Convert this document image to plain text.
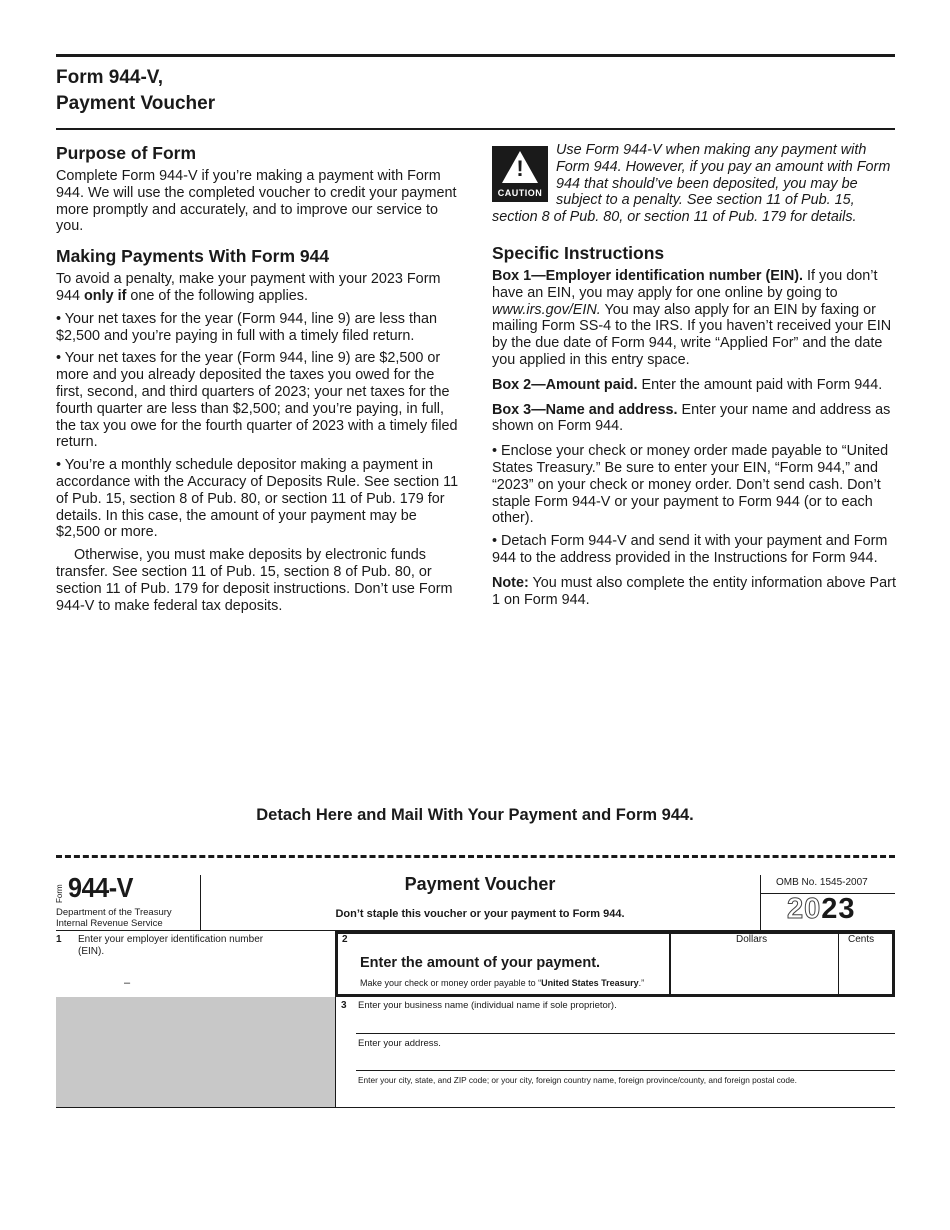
Form 944-V,
Payment Voucher
Purpose of Form

Complete Form 944-V if you’re making a payment with Form 944. We will use the completed voucher to credit your payment more promptly and accurately, and to improve our service to you.

Making Payments With Form 944

To avoid a penalty, make your payment with your 2023 Form 944 only if one of the following applies.

• Your net taxes for the year (Form 944, line 9) are less than $2,500 and you’re paying in full with a timely filed return.

• Your net taxes for the year (Form 944, line 9) are $2,500 or more and you already deposited the taxes you owed for the first, second, and third quarters of 2023; your net taxes for the fourth quarter are less than $2,500; and you’re paying, in full, the tax you owe for the fourth quarter of 2023 with a timely filed return.

• You’re a monthly schedule depositor making a payment in accordance with the Accuracy of Deposits Rule. See section 11 of Pub. 15, section 8 of Pub. 80, or section 11 of Pub. 179 for details. In this case, the amount of your payment may be $2,500 or more.

Otherwise, you must make deposits by electronic funds transfer. See section 11 of Pub. 15, section 8 of Pub. 80, or section 11 of Pub. 179 for deposit instructions. Don’t use Form 944-V to make federal tax deposits.

!
CAUTION

Use Form 944-V when making any payment with Form 944. However, if you pay an amount with Form 944 that should’ve been deposited, you may be subject to a penalty. See section 11 of Pub. 15, section 8 of Pub. 80, or section 11 of Pub. 179 for details.

Specific Instructions

Box 1—Employer identification number (EIN). If you don’t have an EIN, you may apply for one online by going to www.irs.gov/EIN. You may also apply for an EIN by faxing or mailing Form SS-4 to the IRS. If you haven’t received your EIN by the due date of Form 944, write “Applied For” and the date you applied in this entry space.

Box 2—Amount paid. Enter the amount paid with Form 944.

Box 3—Name and address. Enter your name and address as shown on Form 944.

• Enclose your check or money order made payable to “United States Treasury.” Be sure to enter your EIN, “Form 944,” and “2023” on your check or money order. Don’t send cash. Don’t staple Form 944-V or your payment to Form 944 (or to each other).

• Detach Form 944-V and send it with your payment and Form 944 to the address provided in the Instructions for Form 944.

Note: You must also complete the entity information above Part 1 on Form 944.

Detach Here and Mail With Your Payment and Form 944.
Form 944-V
Department of the Treasury
Internal Revenue Service
Payment Voucher
Don’t staple this voucher or your payment to Form 944.
OMB No. 1545-2007
2023
1 Enter your employer identification number (EIN).
–
2
Enter the amount of your payment.
Make your check or money order payable to “United States Treasury.”
Dollars	Cents
3 Enter your business name (individual name if sole proprietor).
Enter your address.
Enter your city, state, and ZIP code; or your city, foreign country name, foreign province/county, and foreign postal code.
